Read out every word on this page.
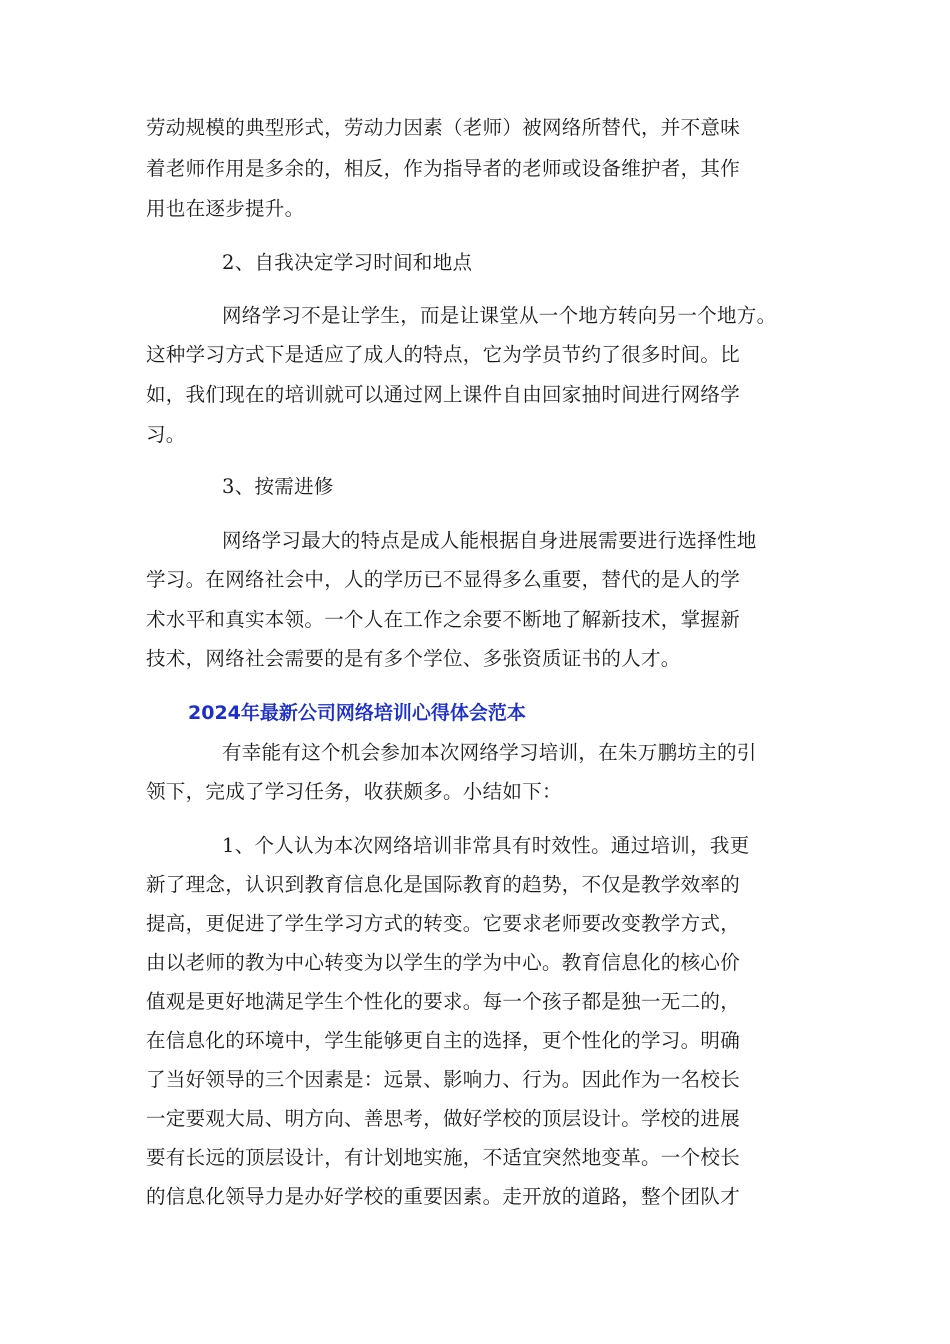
劳动规模的典型形式，劳动力因素（老师）被网络所替代，并不意味
着老师作用是多余的，相反，作为指导者的老师或设备维护者，其作
用也在逐步提升。
2、自我决定学习时间和地点
网络学习不是让学生，而是让课堂从一个地方转向另一个地方。
这种学习方式下是适应了成人的特点，它为学员节约了很多时间。比
如，我们现在的培训就可以通过网上课件自由回家抽时间进行网络学
习。
3、按需进修
网络学习最大的特点是成人能根据自身进展需要进行选择性地
学习。在网络社会中，人的学历已不显得多么重要，替代的是人的学
术水平和真实本领。一个人在工作之余要不断地了解新技术，掌握新
技术，网络社会需要的是有多个学位、多张资质证书的人才。
2024年最新公司网络培训心得体会范本
有幸能有这个机会参加本次网络学习培训，在朱万鹏坊主的引
领下，完成了学习任务，收获颇多。小结如下：
1、个人认为本次网络培训非常具有时效性。通过培训，我更
新了理念，认识到教育信息化是国际教育的趋势，不仅是教学效率的
提高，更促进了学生学习方式的转变。它要求老师要改变教学方式，
由以老师的教为中心转变为以学生的学为中心。教育信息化的核心价
值观是更好地满足学生个性化的要求。每一个孩子都是独一无二的，
在信息化的环境中，学生能够更自主的选择，更个性化的学习。明确
了当好领导的三个因素是：远景、影响力、行为。因此作为一名校长
一定要观大局、明方向、善思考，做好学校的顶层设计。学校的进展
要有长远的顶层设计，有计划地实施，不适宜突然地变革。一个校长
的信息化领导力是办好学校的重要因素。走开放的道路，整个团队才
